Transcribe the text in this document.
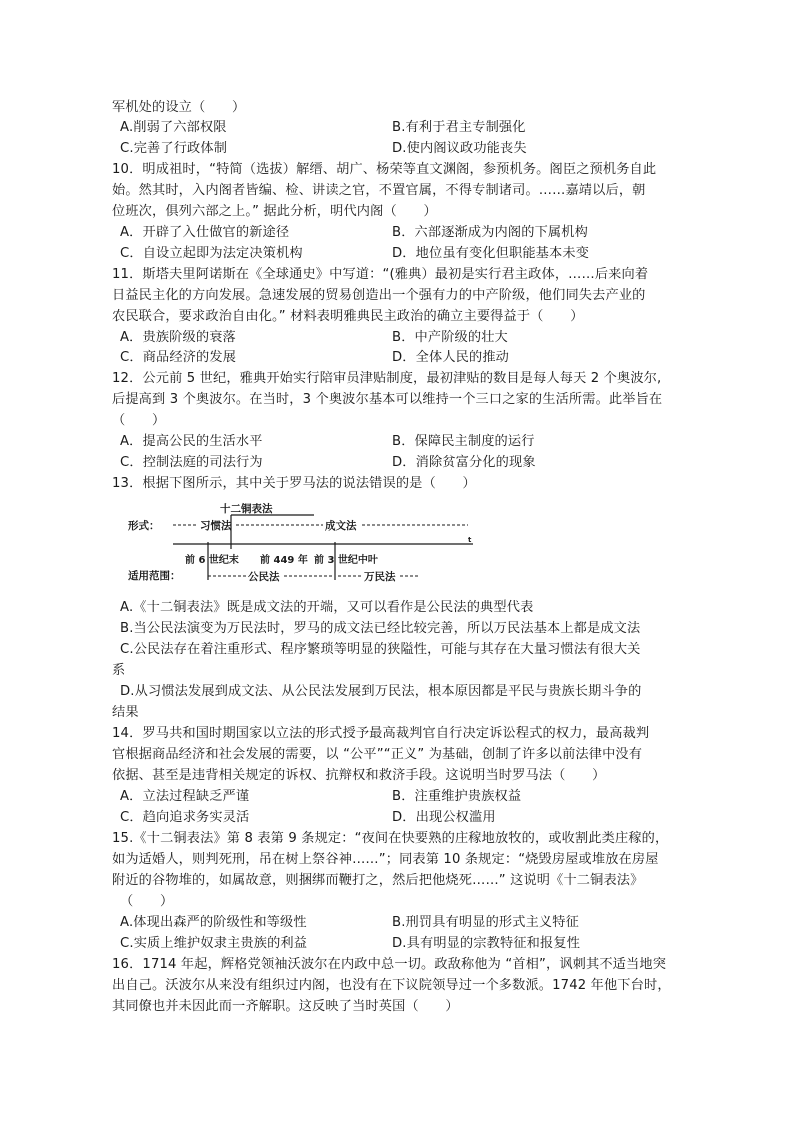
军机处的设立（　　）
A.削弱了六部权限	B.有利于君主专制强化
C.完善了行政体制	D.使内阁议政功能丧失
10．明成祖时，“特简（选拔）解缙、胡广、杨荣等直文渊阁，参预机务。阁臣之预机务自此
始。然其时，入内阁者皆编、检、讲读之官，不置官属，不得专制诸司。……嘉靖以后，朝
位班次，俱列六部之上。” 据此分析，明代内阁（　　）
A．开辟了入仕做官的新途径	B．六部逐渐成为内阁的下属机构
C．自设立起即为法定决策机构	D．地位虽有变化但职能基本未变
11．斯塔夫里阿诺斯在《全球通史》中写道：“(雅典）最初是实行君主政体，……后来向着
日益民主化的方向发展。急速发展的贸易创造出一个强有力的中产阶级，他们同失去产业的
农民联合，要求政治自由化。” 材料表明雅典民主政治的确立主要得益于（　　）
A．贵族阶级的衰落	B．中产阶级的壮大
C．商品经济的发展	D．全体人民的推动
12．公元前 5 世纪，雅典开始实行陪审员津贴制度，最初津贴的数目是每人每天 2 个奥波尔,
后提高到 3 个奥波尔。在当时，3 个奥波尔基本可以维持一个三口之家的生活所需。此举旨在
（　　）
A．提高公民的生活水平	B．保障民主制度的运行
C．控制法庭的司法行为	D．消除贫富分化的现象
13．根据下图所示，其中关于罗马法的说法错误的是（　　）
A.《十二铜表法》既是成文法的开端，又可以看作是公民法的典型代表
B.当公民法演变为万民法时，罗马的成文法已经比较完善，所以万民法基本上都是成文法
C.公民法存在着注重形式、程序繁琐等明显的狭隘性，可能与其存在大量习惯法有很大关
系
D.从习惯法发展到成文法、从公民法发展到万民法，根本原因都是平民与贵族长期斗争的
结果
14．罗马共和国时期国家以立法的形式授予最高裁判官自行决定诉讼程式的权力，最高裁判
官根据商品经济和社会发展的需要，以 “公平”“正义” 为基础，创制了许多以前法律中没有
依据、甚至是违背相关规定的诉权、抗辩权和救济手段。这说明当时罗马法（　　）
A．立法过程缺乏严谨	B．注重维护贵族权益
C．趋向追求务实灵活	D．出现公权滥用
15.《十二铜表法》第 8 表第 9 条规定：“夜间在快要熟的庄稼地放牧的，或收割此类庄稼的，
如为适婚人，则判死刑，吊在树上祭谷神……”；同表第 10 条规定：“烧毁房屋或堆放在房屋
附近的谷物堆的，如属故意，则捆绑而鞭打之，然后把他烧死……” 这说明《十二铜表法》
（　　）
A.体现出森严的阶级性和等级性	B.刑罚具有明显的形式主义特征
C.实质上维护奴隶主贵族的利益	D.具有明显的宗教特征和报复性
16．1714 年起，辉格党领袖沃波尔在内政中总一切。政敌称他为 “首相”，讽刺其不适当地突
出自己。沃波尔从来没有组织过内阁，也没有在下议院领导过一个多数派。1742 年他下台时，
其同僚也并未因此而一齐解职。这反映了当时英国（　　）
十二铜表法
形式：	习惯法	成文法
t
前 6 世纪末 前 449 年 前 3 世纪中叶
适用范围：	公民法	万民法
